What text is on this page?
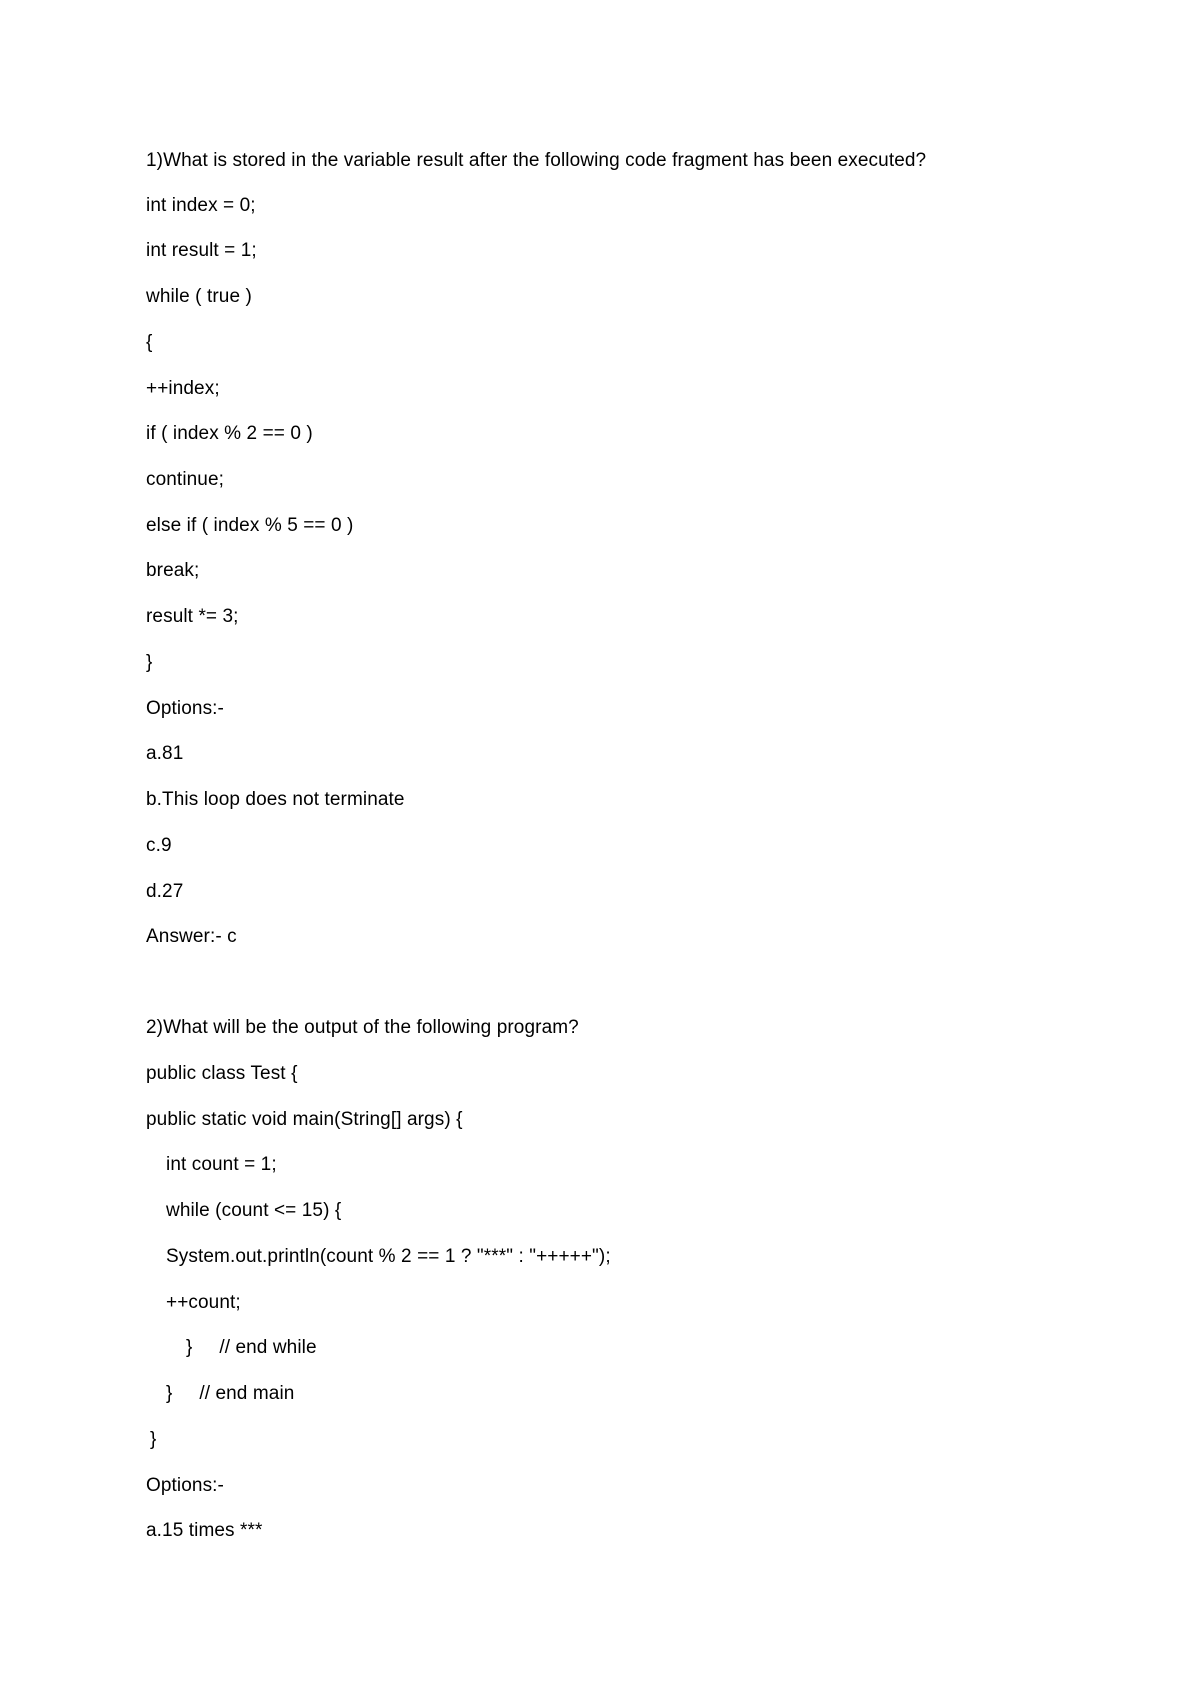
1)What is stored in the variable result after the following code fragment has been executed?
int index = 0;
int result = 1;
while ( true )
{
++index;
if ( index % 2 == 0 )
continue;
else if ( index % 5 == 0 )
break;
result *= 3;
}
Options:-
a.81
b.This loop does not terminate
c.9
d.27
Answer:- c
2)What will be the output of the following program?
public class Test {
public static void main(String[] args) {
int count = 1;
while (count <= 15) {
System.out.println(count % 2 == 1 ? "***" : "+++++");
++count;
}     // end while
}     // end main
}
Options:-
a.15 times ***
